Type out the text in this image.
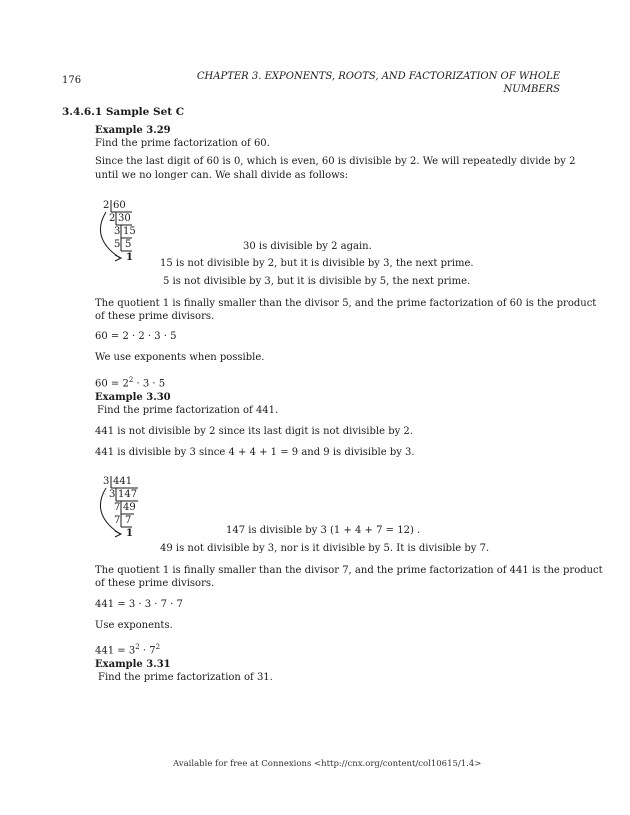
176	CHAPTER 3. EXPONENTS, ROOTS, AND FACTORIZATION OF WHOLE
NUMBERS
3.4.6.1 Sample Set C
Example 3.29
Find the prime factorization of 60.
Since the last digit of 60 is 0, which is even, 60 is divisible by 2. We will repeatedly divide by 2
until we no longer can. We shall divide as follows:
2 60
2 30
3 15
5 5
1
30 is divisible by 2 again.
15 is not divisible by 2, but it is divisible by 3, the next prime.
5 is not divisible by 3, but it is divisible by 5, the next prime.
The quotient 1 is finally smaller than the divisor 5, and the prime factorization of 60 is the product
of these prime divisors.
60 = 2 · 2 · 3 · 5
We use exponents when possible.
$60 = 2^2 \cdot 3 \cdot 5$
Example 3.30
Find the prime factorization of 441.
441 is not divisible by 2 since its last digit is not divisible by 2.
441 is divisible by 3 since 4 + 4 + 1 = 9 and 9 is divisible by 3.
3 441
3 147
7 49
7 7
1	147 is divisible by 3 (1 + 4 + 7 = 12) .
49 is not divisible by 3, nor is it divisible by 5. It is divisible by 7.
The quotient 1 is finally smaller than the divisor 7, and the prime factorization of 441 is the product
of these prime divisors.
441 = 3 · 3 · 7 · 7
Use exponents.
$441 = 3^2 \cdot 7^2$
Example 3.31
Find the prime factorization of 31.
Available for free at Connexions <http://cnx.org/content/col10615/1.4>
